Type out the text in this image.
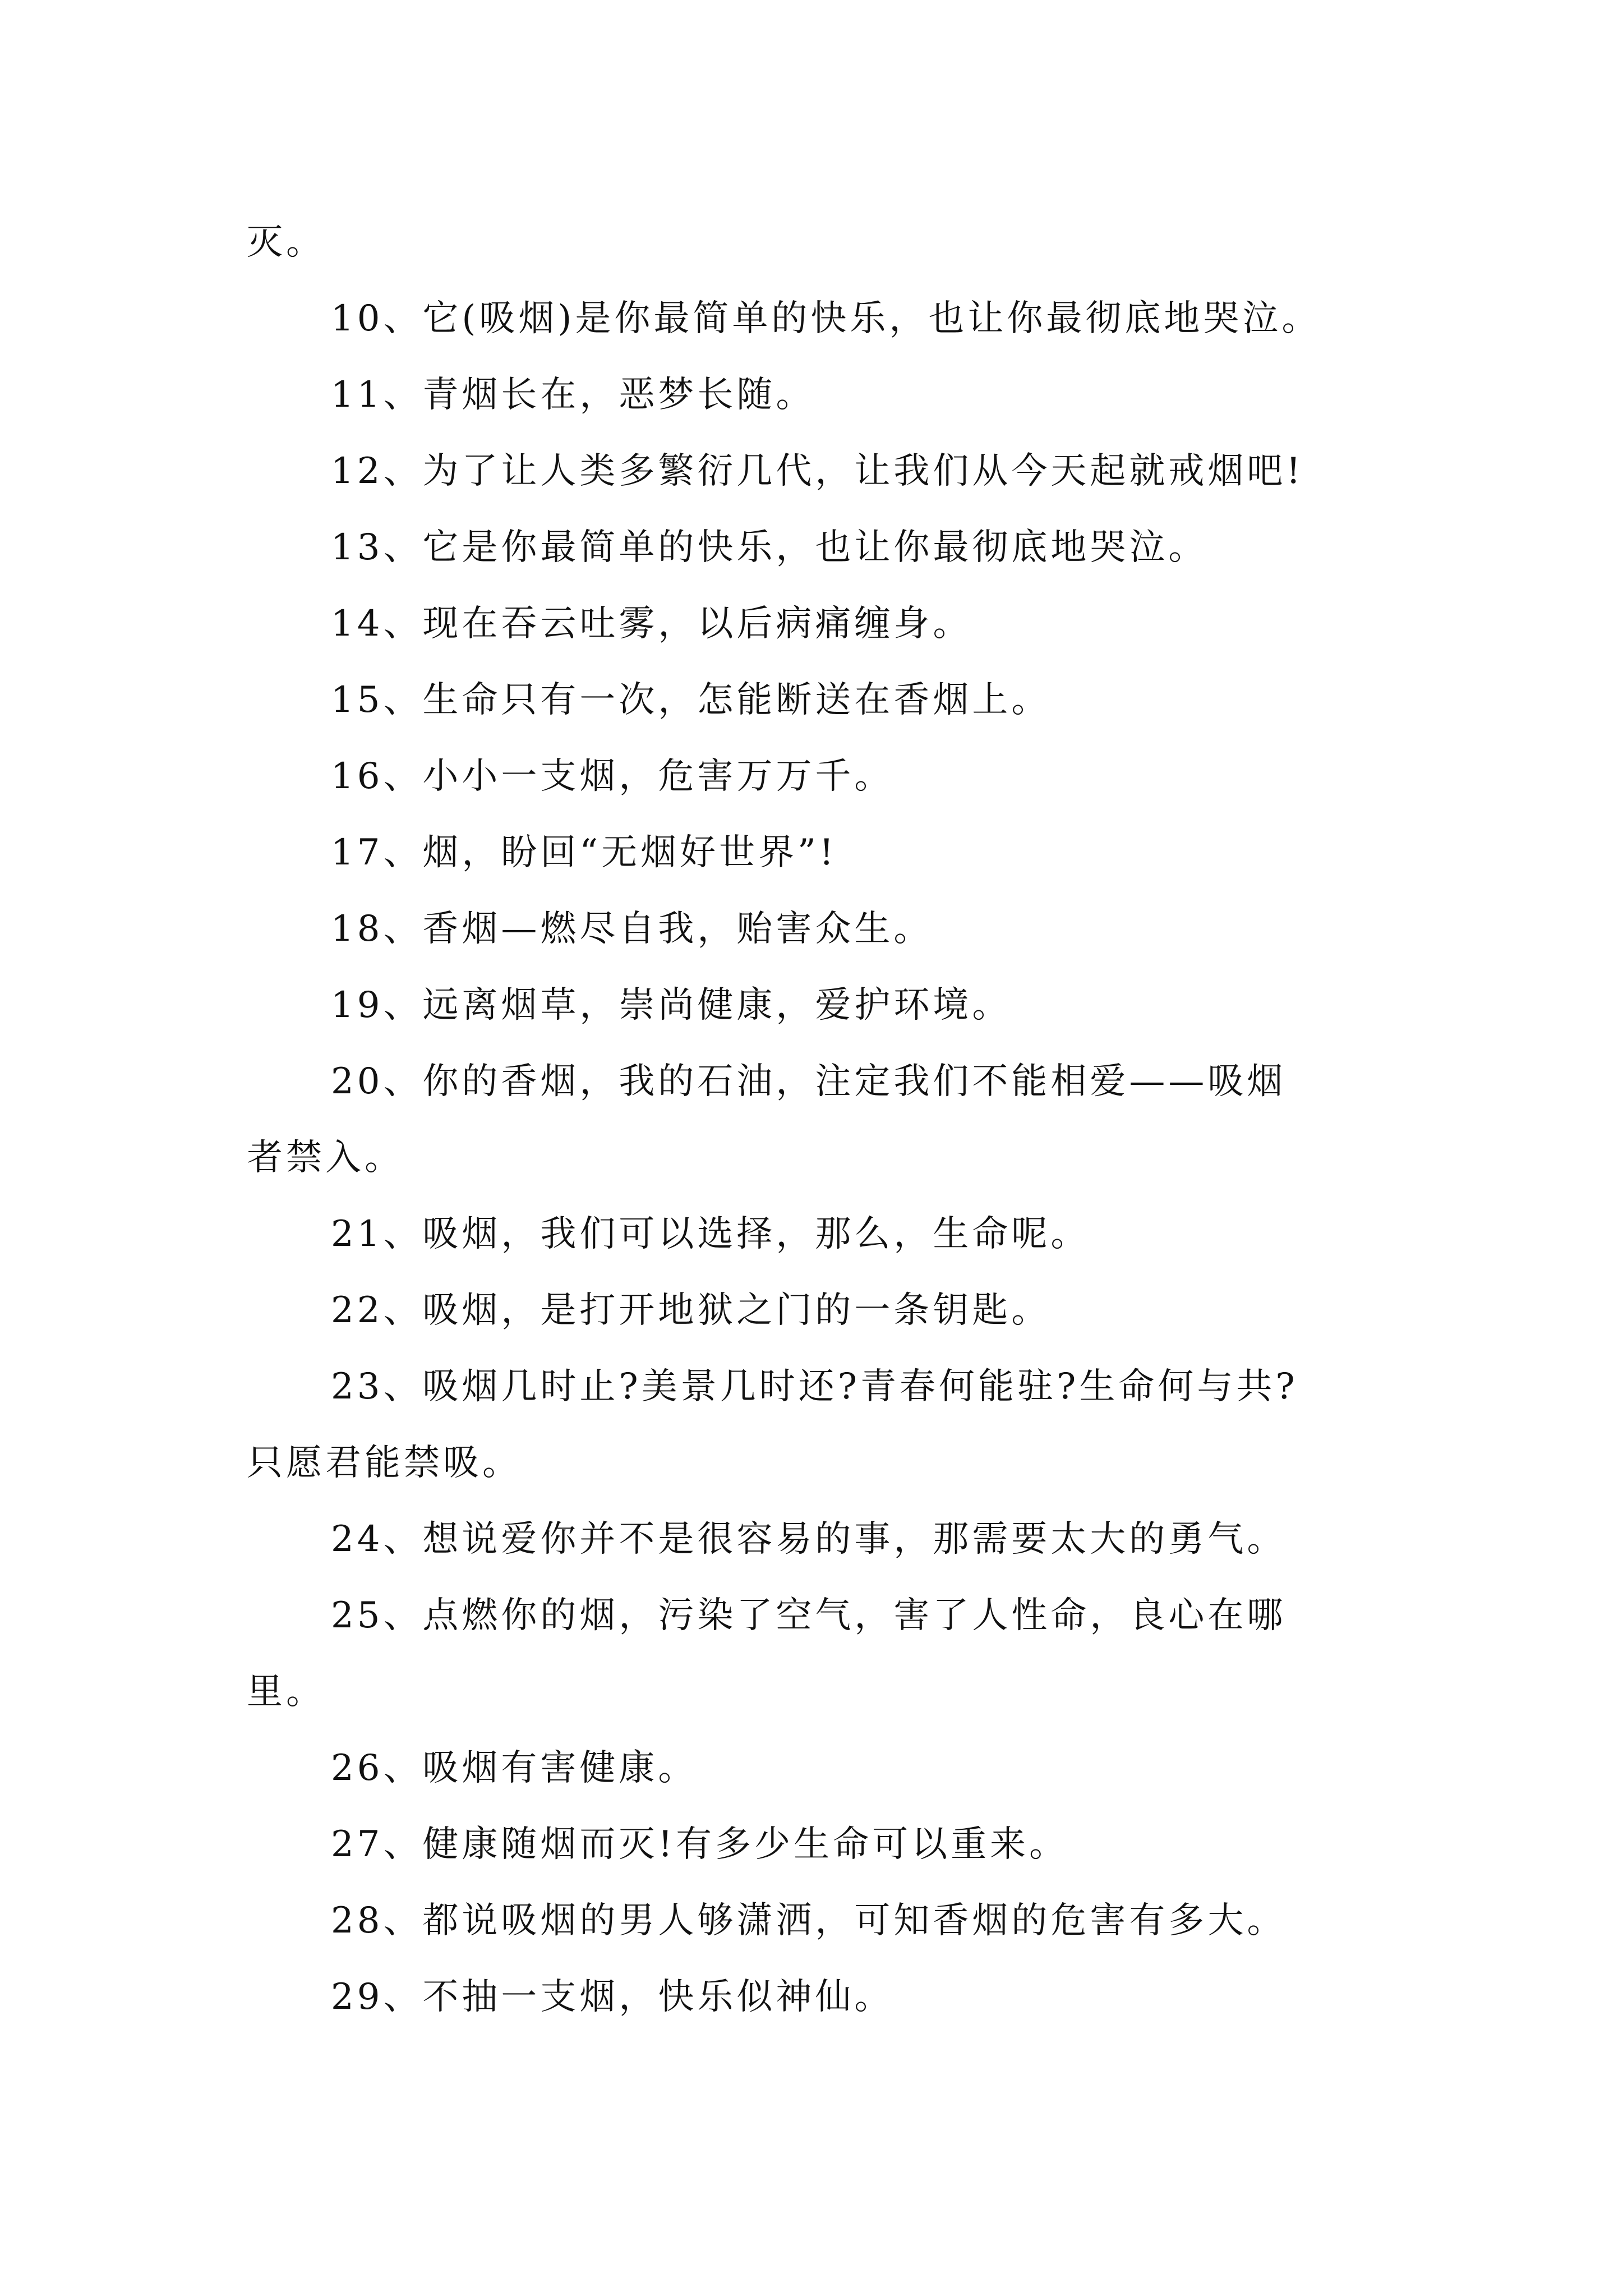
灭。
10、它(吸烟)是你最简单的快乐，也让你最彻底地哭泣。
11、青烟长在，恶梦长随。
12、为了让人类多繁衍几代，让我们从今天起就戒烟吧!
13、它是你最简单的快乐，也让你最彻底地哭泣。
14、现在吞云吐雾，以后病痛缠身。
15、生命只有一次，怎能断送在香烟上。
16、小小一支烟，危害万万千。
17、烟，盼回“无烟好世界”!
18、香烟—燃尽自我，贻害众生。
19、远离烟草，崇尚健康，爱护环境。
20、你的香烟，我的石油，注定我们不能相爱——吸烟
者禁入。
21、吸烟，我们可以选择，那么，生命呢。
22、吸烟，是打开地狱之门的一条钥匙。
23、吸烟几时止?美景几时还?青春何能驻?生命何与共?
只愿君能禁吸。
24、想说爱你并不是很容易的事，那需要太大的勇气。
25、点燃你的烟，污染了空气，害了人性命，良心在哪
里。
26、吸烟有害健康。
27、健康随烟而灭!有多少生命可以重来。
28、都说吸烟的男人够潇洒，可知香烟的危害有多大。
29、不抽一支烟，快乐似神仙。
